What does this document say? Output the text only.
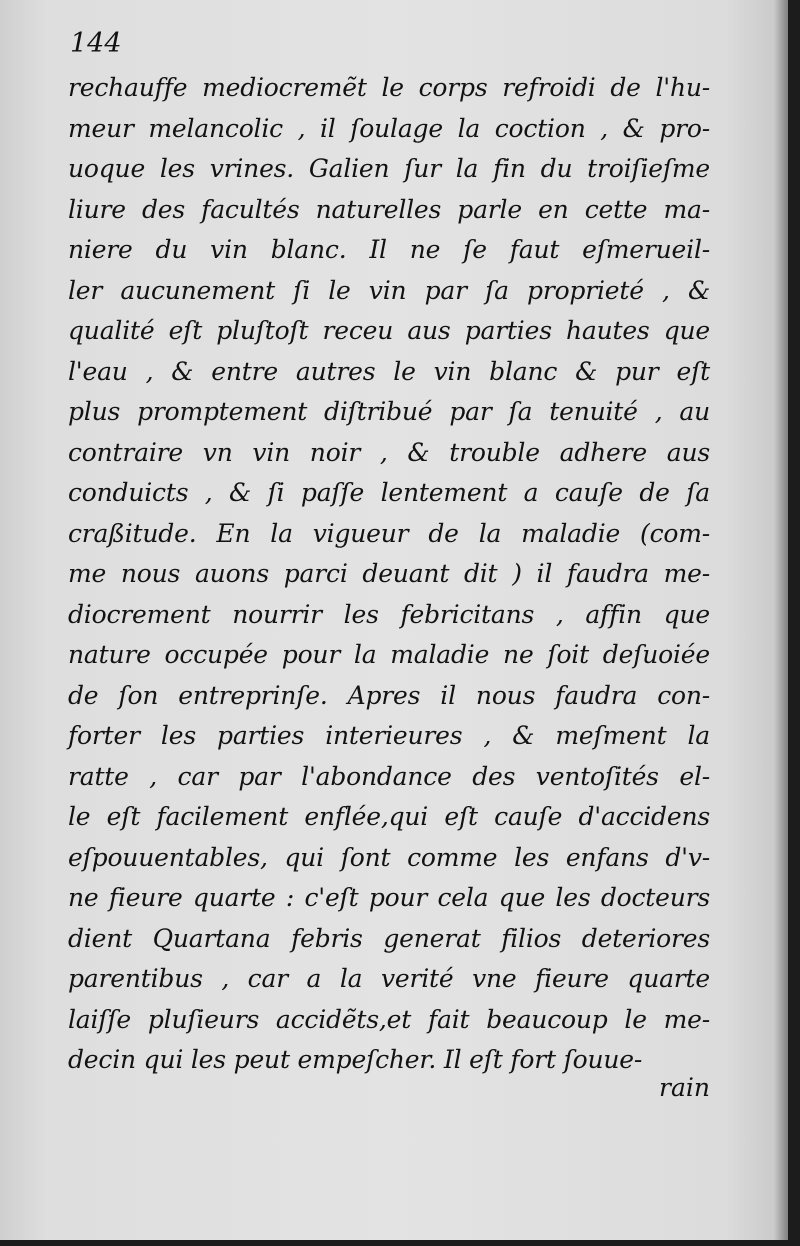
144
rechauffe mediocremẽt le corps refroidi de l'hu-
meur melancolic , il ſoulage la coction , & pro-
uoque les vrines. Galien ſur la fin du troiſieſme
liure des facultés naturelles parle en cette ma-
niere du vin blanc. Il ne ſe faut eſmerueil-
ler aucunement ſi le vin par ſa proprieté , &
qualité eſt pluſtoſt receu aus parties hautes que
l'eau , & entre autres le vin blanc & pur eſt
plus promptement diſtribué par ſa tenuité , au
contraire vn vin noir , & trouble adhere aus
conduicts , & ſi paſſe lentement a cauſe de ſa
craßitude. En la vigueur de la maladie (com-
me nous auons parci deuant dit ) il faudra me-
diocrement nourrir les febricitans , affin que
nature occupée pour la maladie ne ſoit deſuoiée
de ſon entreprinſe. Apres il nous faudra con-
forter les parties interieures , & meſment la
ratte , car par l'abondance des ventoſités el-
le eſt facilement enflée,qui eſt cauſe d'accidens
eſpouuentables, qui ſont comme les enfans d'v-
ne fieure quarte : c'eſt pour cela que les docteurs
dient Quartana febris generat filios deteriores
parentibus , car a la verité vne fieure quarte
laiſſe pluſieurs accidẽts,et fait beaucoup le me-
decin qui les peut empeſcher. Il eſt fort ſouue-
rain
